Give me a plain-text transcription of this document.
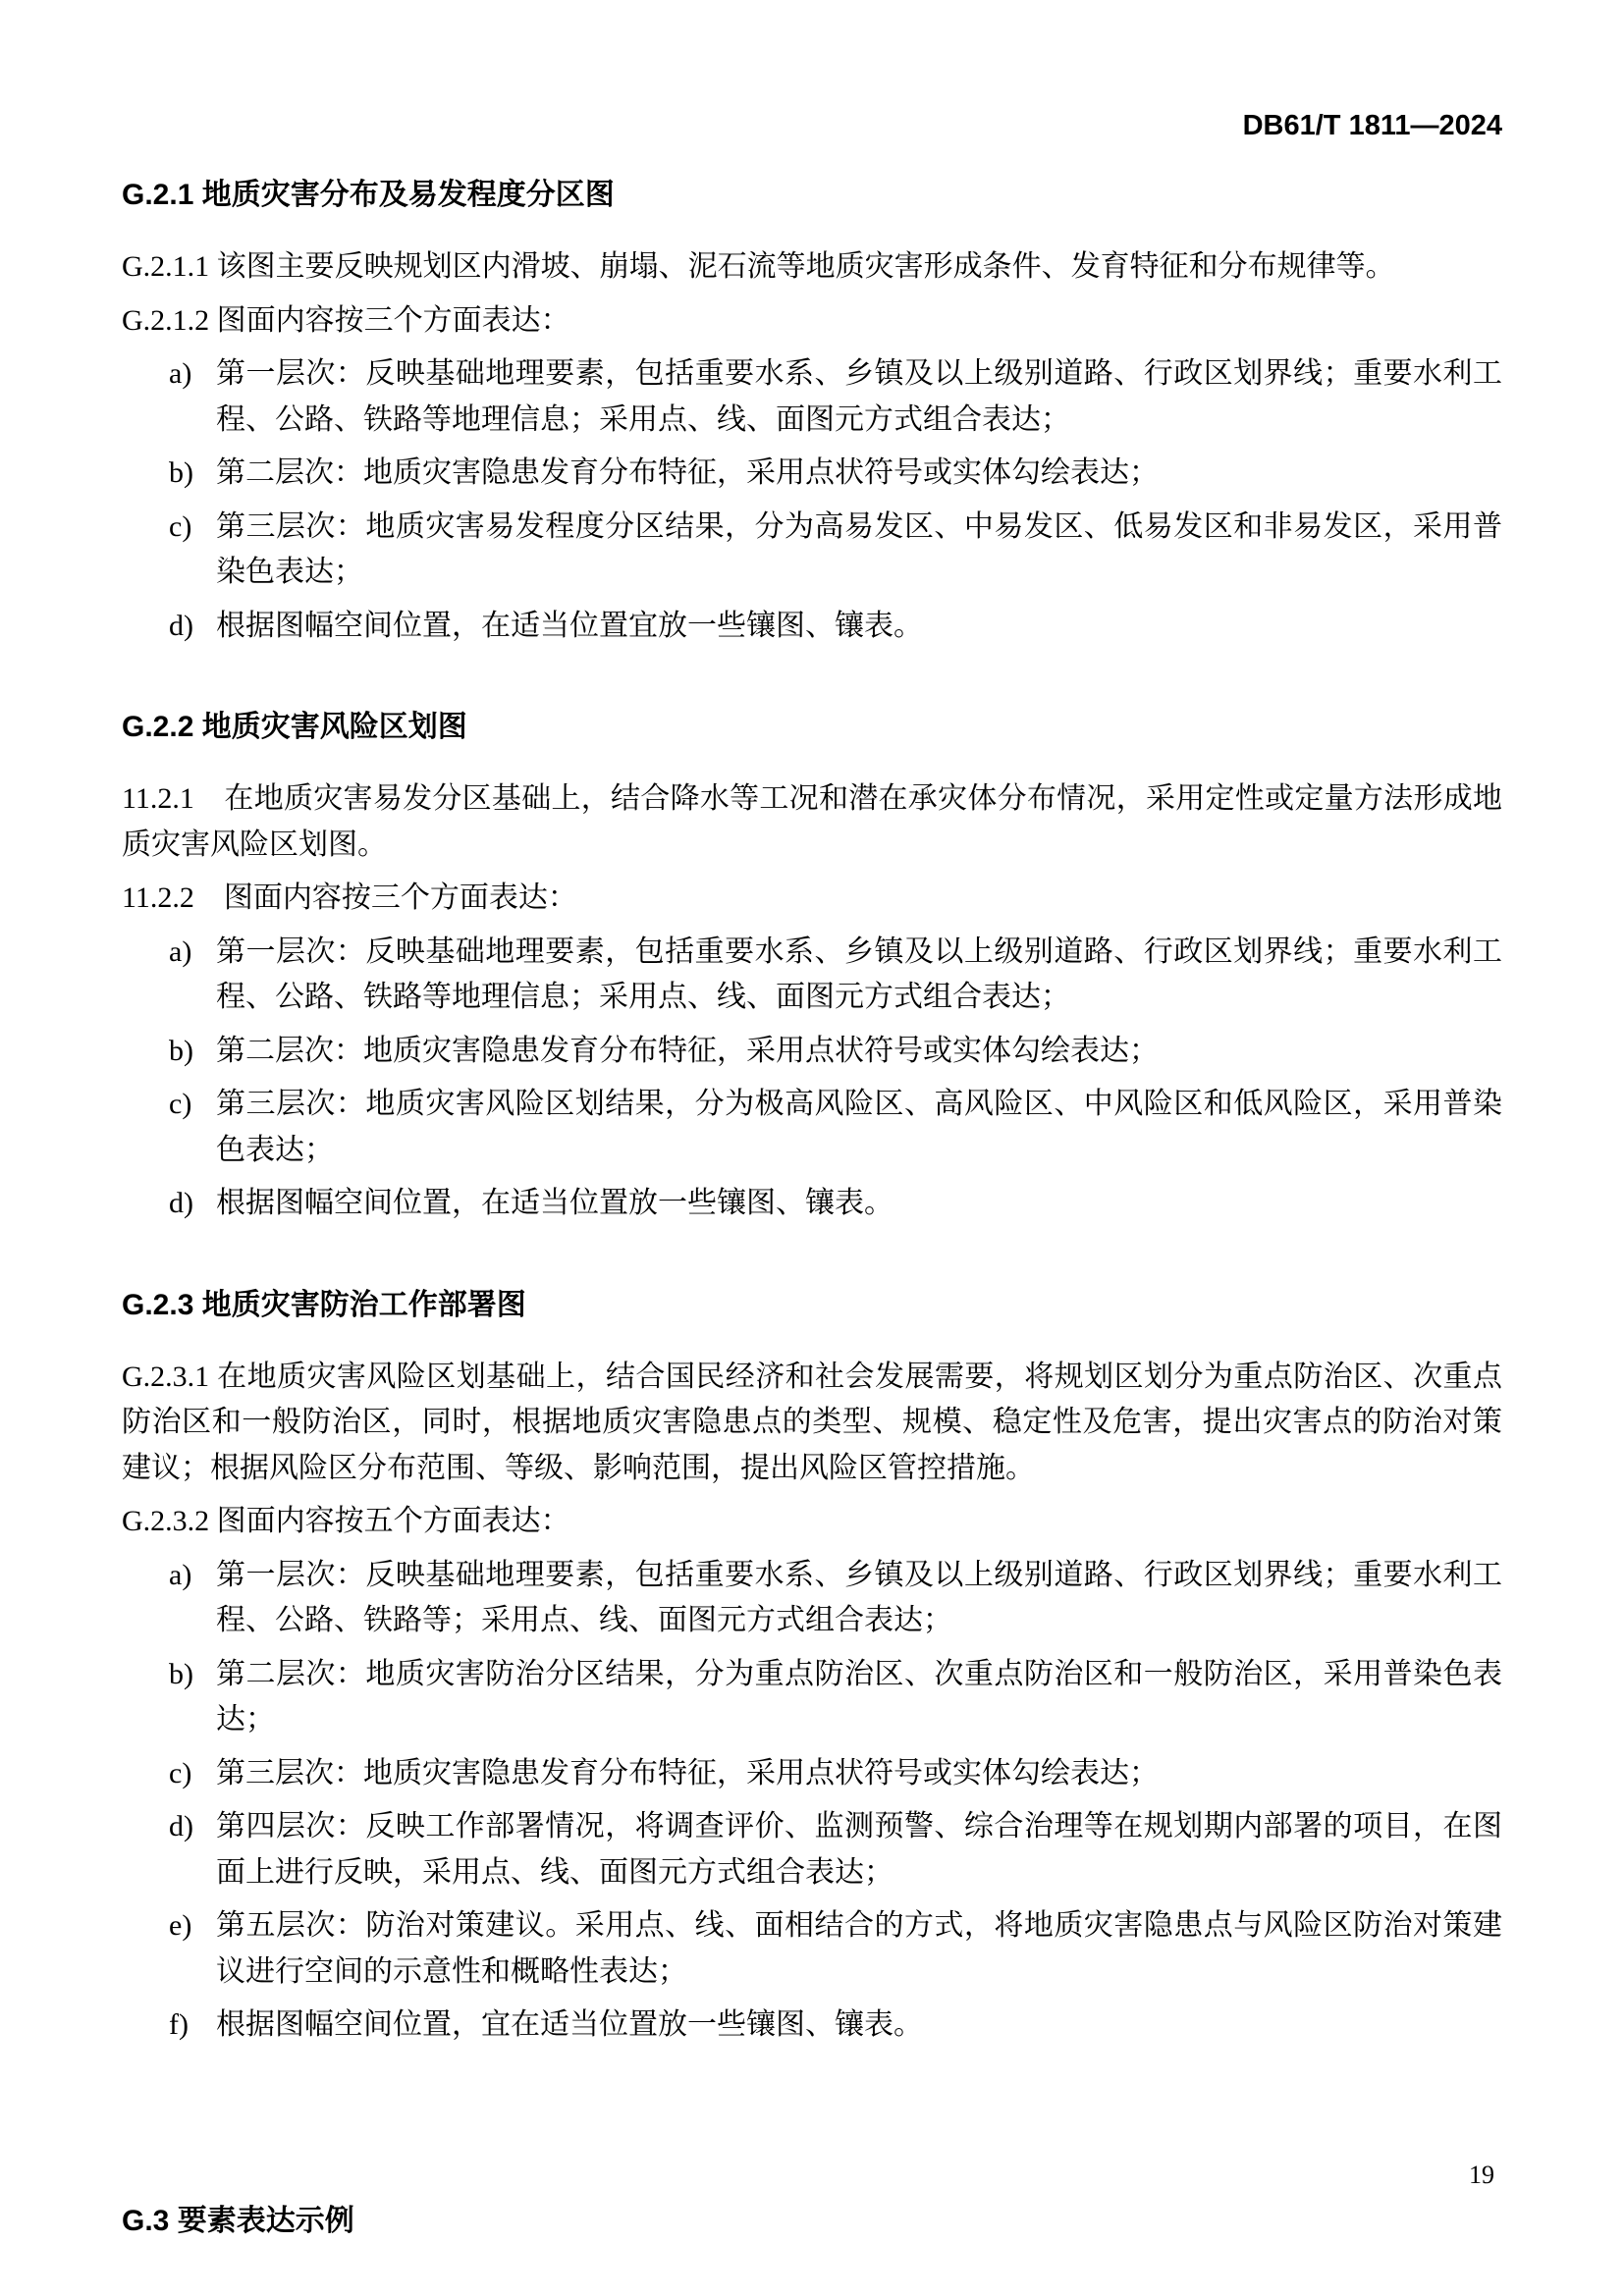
DB61/T 1811—2024
G.2.1 地质灾害分布及易发程度分区图

G.2.1.1 该图主要反映规划区内滑坡、崩塌、泥石流等地质灾害形成条件、发育特征和分布规律等。

G.2.1.2 图面内容按三个方面表达：

a) 第一层次：反映基础地理要素，包括重要水系、乡镇及以上级别道路、行政区划界线；重要水利工程、公路、铁路等地理信息；采用点、线、面图元方式组合表达；
b) 第二层次：地质灾害隐患发育分布特征，采用点状符号或实体勾绘表达；
c) 第三层次：地质灾害易发程度分区结果，分为高易发区、中易发区、低易发区和非易发区，采用普染色表达；
d) 根据图幅空间位置，在适当位置宜放一些镶图、镶表。
G.2.2 地质灾害风险区划图

11.2.1　在地质灾害易发分区基础上，结合降水等工况和潜在承灾体分布情况，采用定性或定量方法形成地质灾害风险区划图。

11.2.2　图面内容按三个方面表达：

a) 第一层次：反映基础地理要素，包括重要水系、乡镇及以上级别道路、行政区划界线；重要水利工程、公路、铁路等地理信息；采用点、线、面图元方式组合表达；
b) 第二层次：地质灾害隐患发育分布特征，采用点状符号或实体勾绘表达；
c) 第三层次：地质灾害风险区划结果，分为极高风险区、高风险区、中风险区和低风险区，采用普染色表达；
d) 根据图幅空间位置，在适当位置放一些镶图、镶表。
G.2.3 地质灾害防治工作部署图

G.2.3.1 在地质灾害风险区划基础上，结合国民经济和社会发展需要，将规划区划分为重点防治区、次重点防治区和一般防治区，同时，根据地质灾害隐患点的类型、规模、稳定性及危害，提出灾害点的防治对策建议；根据风险区分布范围、等级、影响范围，提出风险区管控措施。

G.2.3.2 图面内容按五个方面表达：

a) 第一层次：反映基础地理要素，包括重要水系、乡镇及以上级别道路、行政区划界线；重要水利工程、公路、铁路等；采用点、线、面图元方式组合表达；
b) 第二层次：地质灾害防治分区结果，分为重点防治区、次重点防治区和一般防治区，采用普染色表达；
c) 第三层次：地质灾害隐患发育分布特征，采用点状符号或实体勾绘表达；
d) 第四层次：反映工作部署情况，将调查评价、监测预警、综合治理等在规划期内部署的项目，在图面上进行反映，采用点、线、面图元方式组合表达；
e) 第五层次：防治对策建议。采用点、线、面相结合的方式，将地质灾害隐患点与风险区防治对策建议进行空间的示意性和概略性表达；
f) 根据图幅空间位置，宜在适当位置放一些镶图、镶表。
G.3 要素表达示例
19
